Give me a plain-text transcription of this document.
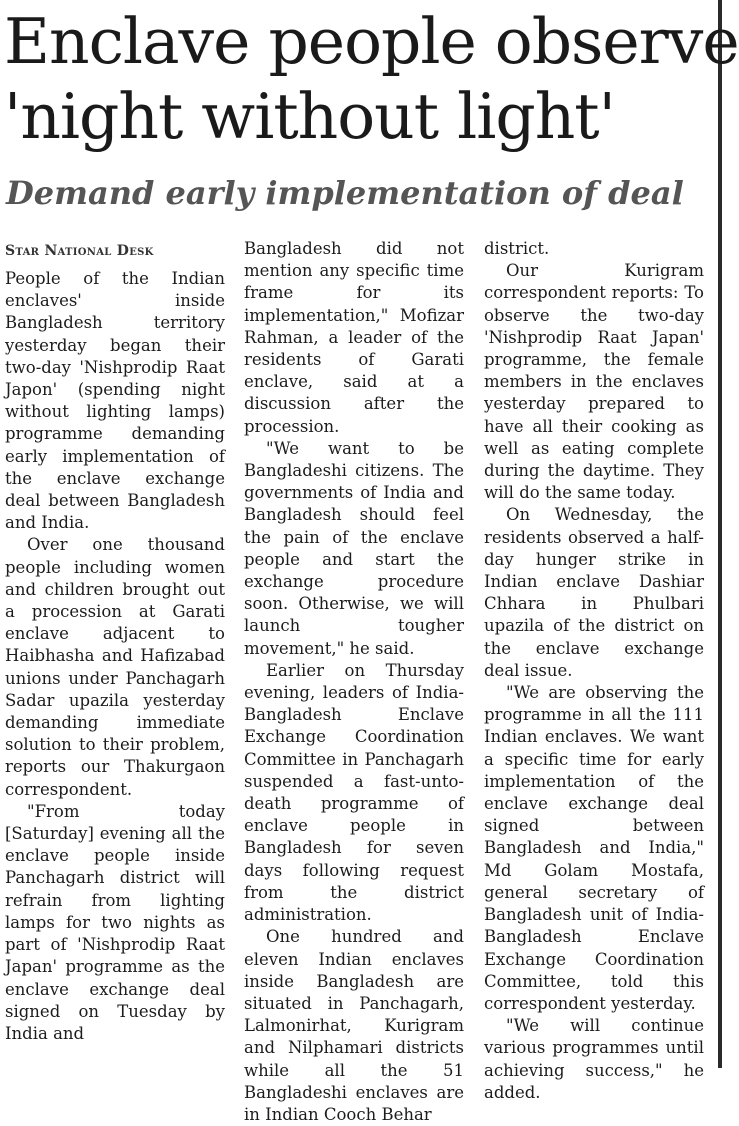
Enclave people observe
'night without light'
Demand early implementation of deal
Star National Desk

People of the Indian enclaves' inside Bangladesh territory yesterday began their two-day 'Nishprodip Raat Japon' (spending night without lighting lamps) programme demanding early implementation of the enclave exchange deal between Bangladesh and India.

Over one thousand people including women and children brought out a procession at Garati enclave adjacent to Haibhasha and Hafizabad unions under Panchagarh Sadar upazila yesterday demanding immediate solution to their problem, reports our Thakurgaon correspondent.

"From today [Saturday] evening all the enclave people inside Panchagarh district will refrain from lighting lamps for two nights as part of 'Nishprodip Raat Japan' programme as the enclave exchange deal signed on Tuesday by India and

Bangladesh did not mention any specific time frame for its implementation," Mofizar Rahman, a leader of the residents of Garati enclave, said at a discussion after the procession.

"We want to be Bangladeshi citizens. The governments of India and Bangladesh should feel the pain of the enclave people and start the exchange procedure soon. Otherwise, we will launch tougher movement," he said.

Earlier on Thursday evening, leaders of India-Bangladesh Enclave Exchange Coordination Committee in Panchagarh suspended a fast-unto-death programme of enclave people in Bangladesh for seven days following request from the district administration.

One hundred and eleven Indian enclaves inside Bangladesh are situated in Panchagarh, Lalmonirhat, Kurigram and Nilphamari districts while all the 51 Bangladeshi enclaves are in Indian Cooch Behar

district.

Our Kurigram correspondent reports: To observe the two-day 'Nishprodip Raat Japan' programme, the female members in the enclaves yesterday prepared to have all their cooking as well as eating complete during the daytime. They will do the same today.

On Wednesday, the residents observed a half-day hunger strike in Indian enclave Dashiar Chhara in Phulbari upazila of the district on the enclave exchange deal issue.

"We are observing the programme in all the 111 Indian enclaves. We want a specific time for early implementation of the enclave exchange deal signed between Bangladesh and India," Md Golam Mostafa, general secretary of Bangladesh unit of India-Bangladesh Enclave Exchange Coordination Committee, told this correspondent yesterday.

"We will continue various programmes until achieving success," he added.
